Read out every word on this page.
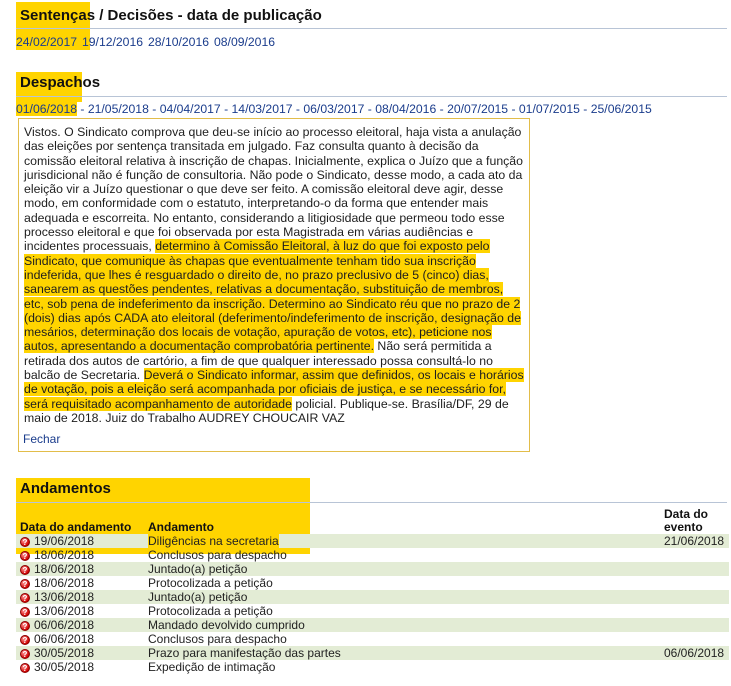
Sentenças / Decisões - data de publicação
24/02/2017 19/12/2016 28/10/2016 08/09/2016
Despachos
01/06/2018 - 21/05/2018 - 04/04/2017 - 14/03/2017 - 06/03/2017 - 08/04/2016 - 20/07/2015 - 01/07/2015 - 25/06/2015
Vistos. O Sindicato comprova que deu-se início ao processo eleitoral, haja vista a anulação das eleições por sentença transitada em julgado. Faz consulta quanto à decisão da comissão eleitoral relativa à inscrição de chapas. Inicialmente, explica o Juízo que a função jurisdicional não é função de consultoria. Não pode o Sindicato, desse modo, a cada ato da eleição vir a Juízo questionar o que deve ser feito. A comissão eleitoral deve agir, desse modo, em conformidade com o estatuto, interpretando-o da forma que entender mais adequada e escorreita. No entanto, considerando a litigiosidade que permeou todo esse processo eleitoral e que foi observada por esta Magistrada em várias audiências e incidentes processuais, determino à Comissão Eleitoral, à luz do que foi exposto pelo Sindicato, que comunique às chapas que eventualmente tenham tido sua inscrição indeferida, que lhes é resguardado o direito de, no prazo preclusivo de 5 (cinco) dias, sanearem as questões pendentes, relativas a documentação, substituição de membros, etc, sob pena de indeferimento da inscrição. Determino ao Sindicato réu que no prazo de 2 (dois) dias após CADA ato eleitoral (deferimento/indeferimento de inscrição, designação de mesários, determinação dos locais de votação, apuração de votos, etc), peticione nos autos, apresentando a documentação comprobatória pertinente. Não será permitida a retirada dos autos de cartório, a fim de que qualquer interessado possa consultá-lo no balcão de Secretaria. Deverá o Sindicato informar, assim que definidos, os locais e horários de votação, pois a eleição será acompanhada por oficiais de justiça, e se necessário for, será requisitado acompanhamento de autoridade policial. Publique-se. Brasília/DF, 29 de maio de 2018. Juiz do Trabalho AUDREY CHOUCAIR VAZ
Fechar
Andamentos
Data do andamento	Andamento	Data do evento
? 19/06/2018	Diligências na secretaria	21/06/2018
? 18/06/2018	Conclusos para despacho	
? 18/06/2018	Juntado(a) petição	
? 18/06/2018	Protocolizada a petição	
? 13/06/2018	Juntado(a) petição	
? 13/06/2018	Protocolizada a petição	
? 06/06/2018	Mandado devolvido cumprido	
? 06/06/2018	Conclusos para despacho	
? 30/05/2018	Prazo para manifestação das partes	06/06/2018
? 30/05/2018	Expedição de intimação	
